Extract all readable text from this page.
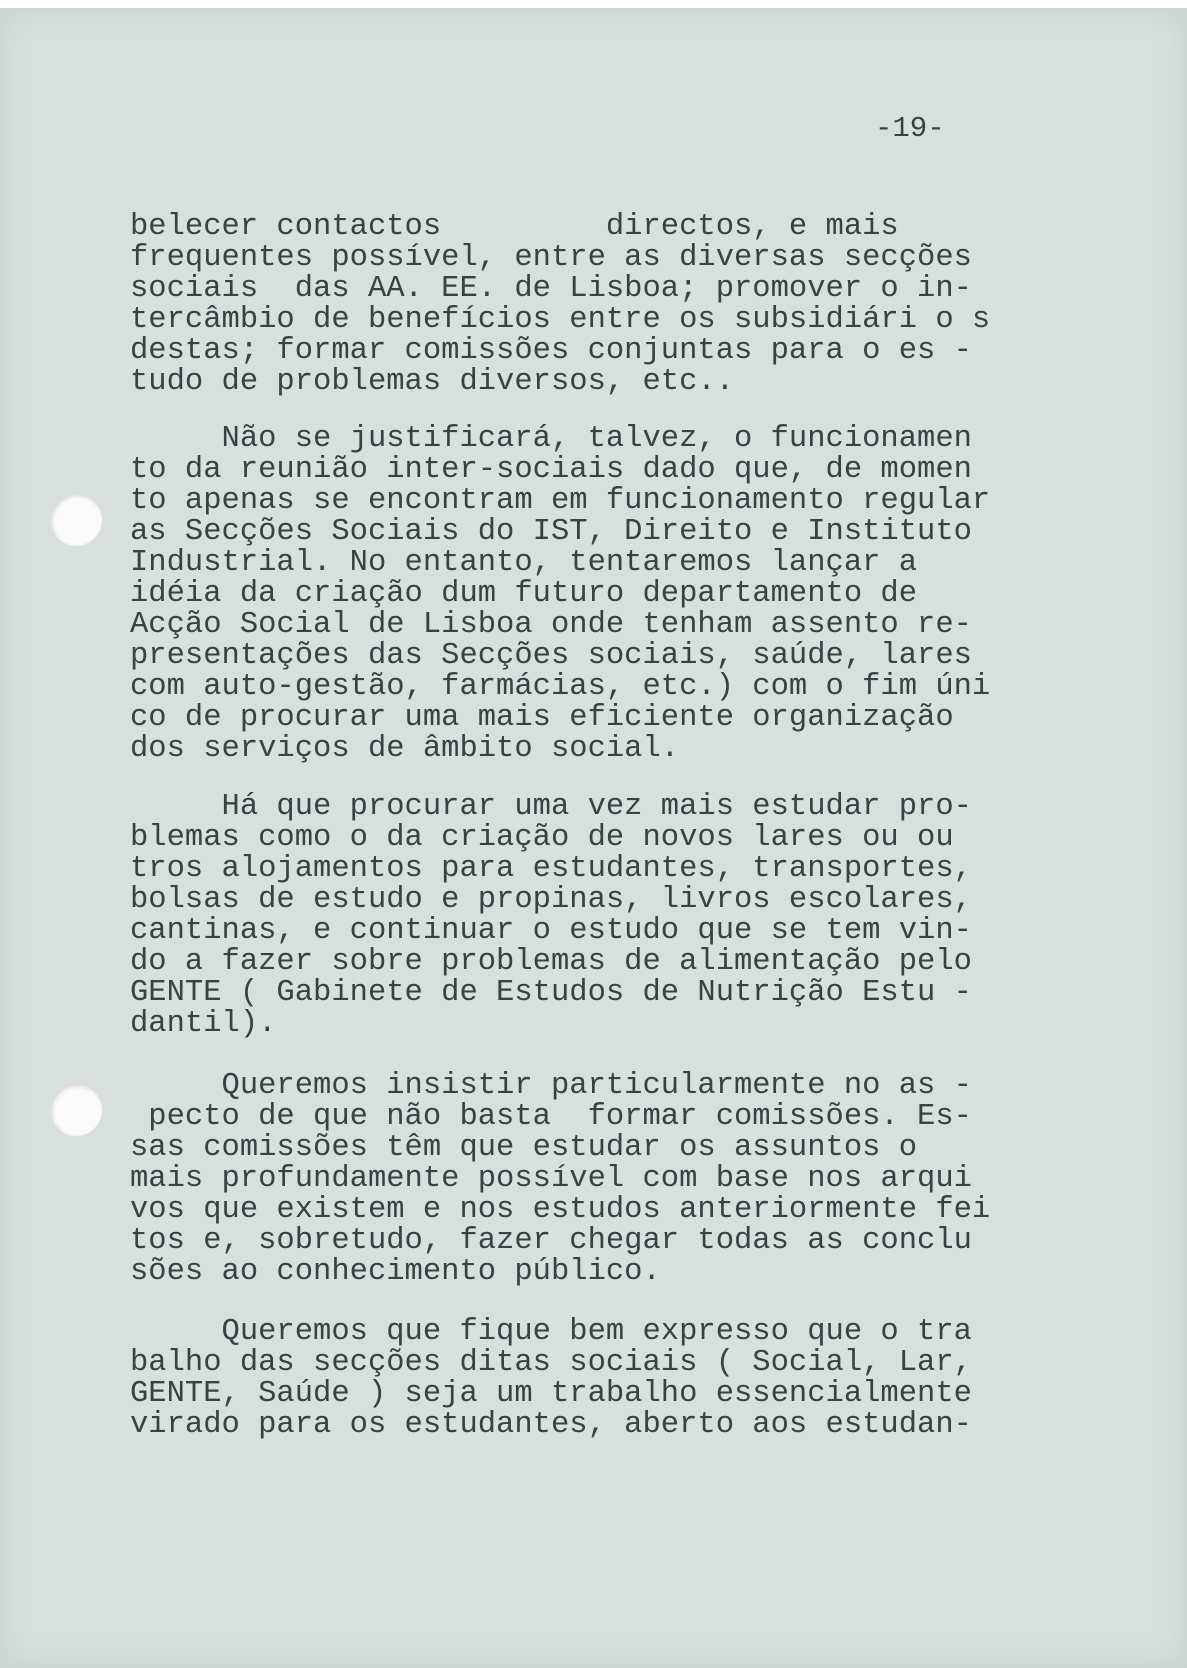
-19-
belecer contactos         directos, e mais
frequentes possível, entre as diversas secções
sociais  das AA. EE. de Lisboa; promover o in-
tercâmbio de benefícios entre os subsidiári o s
destas; formar comissões conjuntas para o es -
tudo de problemas diversos, etc..
Não se justificará, talvez, o funcionamen
to da reunião inter-sociais dado que, de momen
to apenas se encontram em funcionamento regular
as Secções Sociais do IST, Direito e Instituto
Industrial. No entanto, tentaremos lançar a
idéia da criação dum futuro departamento de
Acção Social de Lisboa onde tenham assento re-
presentações das Secções sociais, saúde, lares
com auto-gestão, farmácias, etc.) com o fim úni
co de procurar uma mais eficiente organização
dos serviços de âmbito social.
Há que procurar uma vez mais estudar pro-
blemas como o da criação de novos lares ou ou
tros alojamentos para estudantes, transportes,
bolsas de estudo e propinas, livros escolares,
cantinas, e continuar o estudo que se tem vin-
do a fazer sobre problemas de alimentação pelo
GENTE ( Gabinete de Estudos de Nutrição Estu -
dantil).
Queremos insistir particularmente no as -
pecto de que não basta  formar comissões. Es-
sas comissões têm que estudar os assuntos o
mais profundamente possível com base nos arqui
vos que existem e nos estudos anteriormente fei
tos e, sobretudo, fazer chegar todas as conclu
sões ao conhecimento público.
Queremos que fique bem expresso que o tra
balho das secções ditas sociais ( Social, Lar,
GENTE, Saúde ) seja um trabalho essencialmente
virado para os estudantes, aberto aos estudan-
